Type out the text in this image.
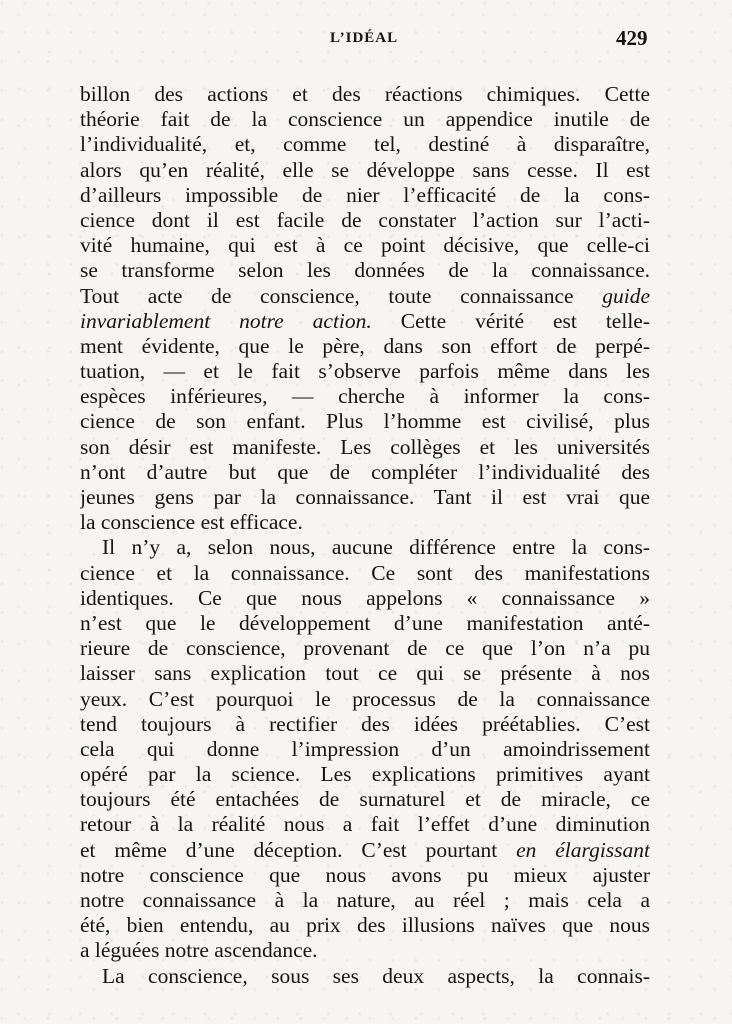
L’IDÉAL	429
billon des actions et des réactions chimiques. Cette
théorie fait de la conscience un appendice inutile de
l’individualité, et, comme tel, destiné à disparaître,
alors qu’en réalité, elle se développe sans cesse. Il est
d’ailleurs impossible de nier l’efficacité de la cons-
cience dont il est facile de constater l’action sur l’acti-
vité humaine, qui est à ce point décisive, que celle-ci
se transforme selon les données de la connaissance.
Tout acte de conscience, toute connaissance guide
invariablement notre action. Cette vérité est telle-
ment évidente, que le père, dans son effort de perpé-
tuation, — et le fait s’observe parfois même dans les
espèces inférieures, — cherche à informer la cons-
cience de son enfant. Plus l’homme est civilisé, plus
son désir est manifeste. Les collèges et les universités
n’ont d’autre but que de compléter l’individualité des
jeunes gens par la connaissance. Tant il est vrai que
la conscience est efficace.
Il n’y a, selon nous, aucune différence entre la cons-
cience et la connaissance. Ce sont des manifestations
identiques. Ce que nous appelons « connaissance »
n’est que le développement d’une manifestation anté-
rieure de conscience, provenant de ce que l’on n’a pu
laisser sans explication tout ce qui se présente à nos
yeux. C’est pourquoi le processus de la connaissance
tend toujours à rectifier des idées préétablies. C’est
cela qui donne l’impression d’un amoindrissement
opéré par la science. Les explications primitives ayant
toujours été entachées de surnaturel et de miracle, ce
retour à la réalité nous a fait l’effet d’une diminution
et même d’une déception. C’est pourtant en élargissant
notre conscience que nous avons pu mieux ajuster
notre connaissance à la nature, au réel ; mais cela a
été, bien entendu, au prix des illusions naïves que nous
a léguées notre ascendance.
La conscience, sous ses deux aspects, la connais-
